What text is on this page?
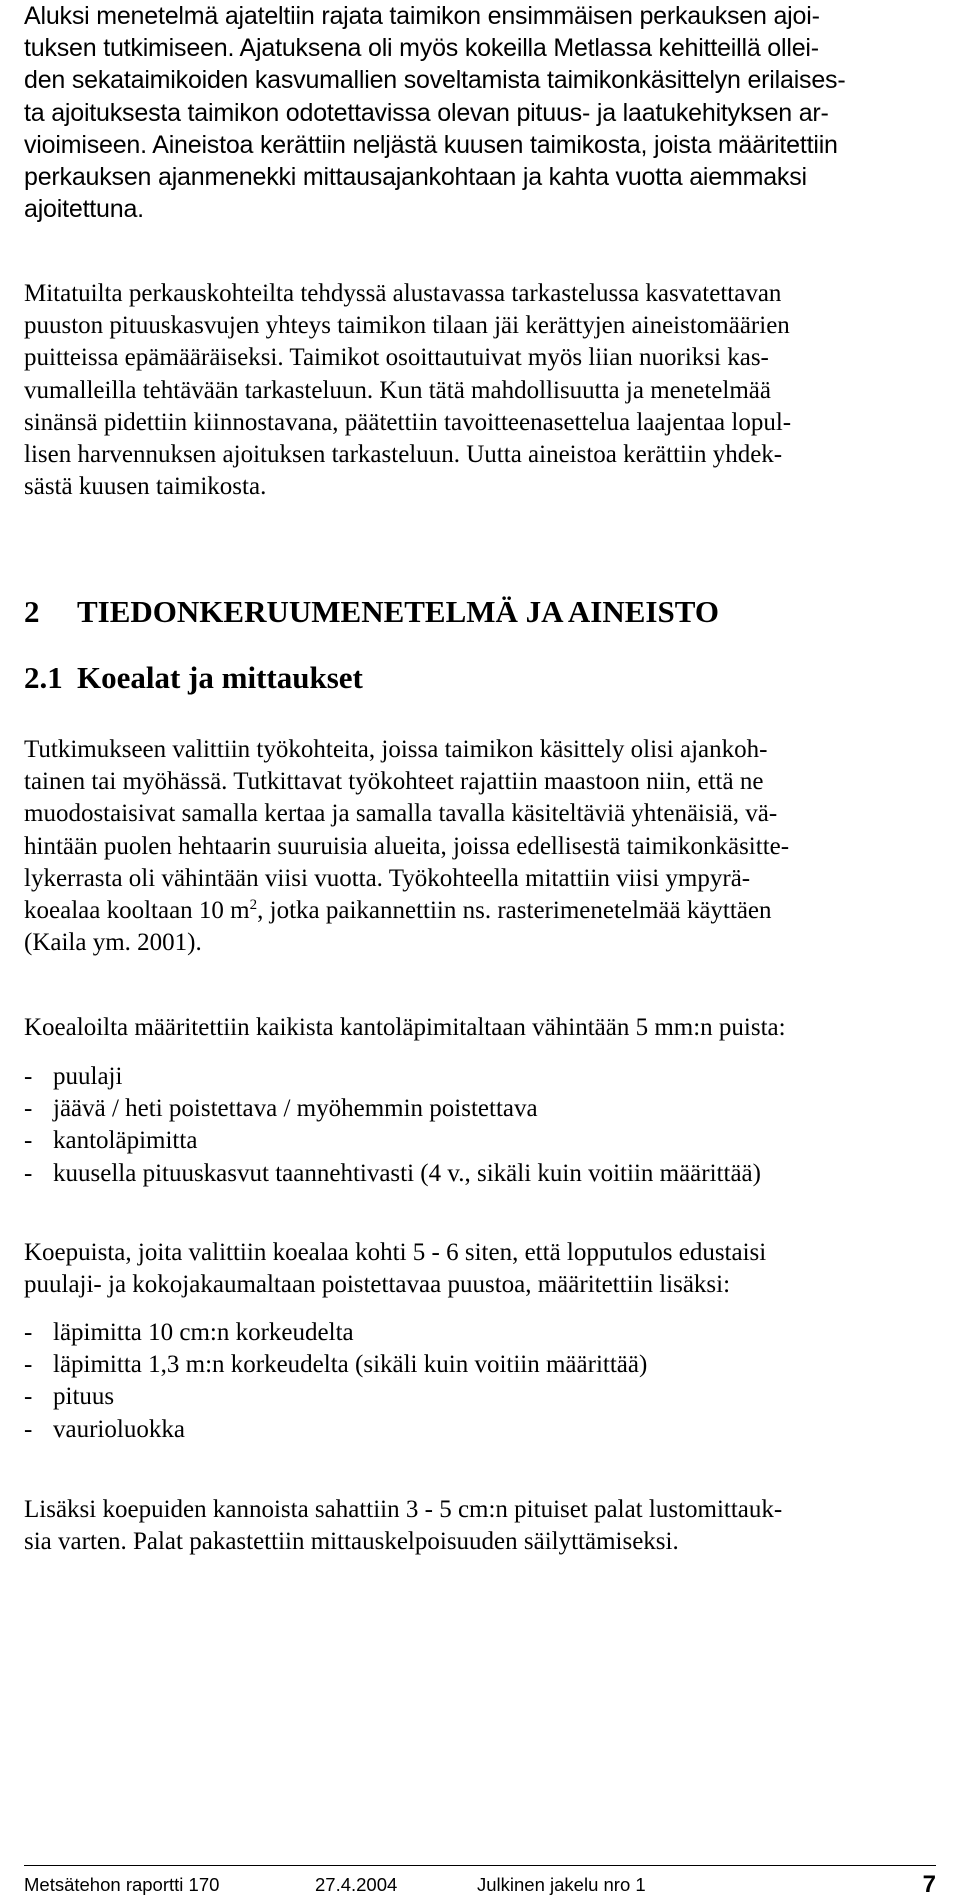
Aluksi menetelmä ajateltiin rajata taimikon ensimmäisen perkauksen ajoi-
tuksen tutkimiseen. Ajatuksena oli myös kokeilla Metlassa kehitteillä ollei-
den sekataimikoiden kasvumallien soveltamista taimikonkäsittelyn erilaises-
ta ajoituksesta taimikon odotettavissa olevan pituus- ja laatukehityksen ar-
vioimiseen. Aineistoa kerättiin neljästä kuusen taimikosta, joista määritettiin
perkauksen ajanmenekki mittausajankohtaan ja kahta vuotta aiemmaksi
ajoitettuna.

Mitatuilta perkauskohteilta tehdyssä alustavassa tarkastelussa kasvatettavan
puuston pituuskasvujen yhteys taimikon tilaan jäi kerättyjen aineistomäärien
puitteissa epämääräiseksi. Taimikot osoittautuivat myös liian nuoriksi kas-
vumalleilla tehtävään tarkasteluun. Kun tätä mahdollisuutta ja menetelmää
sinänsä pidettiin kiinnostavana, päätettiin tavoitteenasettelua laajentaa lopul-
lisen harvennuksen ajoituksen tarkasteluun. Uutta aineistoa kerättiin yhdek-
sästä kuusen taimikosta.

2 TIEDONKERUUMENETELMÄ JA AINEISTO
2.1 Koealat ja mittaukset

Tutkimukseen valittiin työkohteita, joissa taimikon käsittely olisi ajankoh-
tainen tai myöhässä. Tutkittavat työkohteet rajattiin maastoon niin, että ne
muodostaisivat samalla kertaa ja samalla tavalla käsiteltäviä yhtenäisiä, vä-
hintään puolen hehtaarin suuruisia alueita, joissa edellisestä taimikonkäsitte-
lykerrasta oli vähintään viisi vuotta. Työkohteella mitattiin viisi ympyrä-
koealaa kooltaan 10 $m^2$, jotka paikannettiin ns. rasterimenetelmää käyttäen
(Kaila ym. 2001).

Koealoilta määritettiin kaikista kantoläpimitaltaan vähintään 5 mm:n puista:

- puulaji
- jäävä / heti poistettava / myöhemmin poistettava
- kantoläpimitta
- kuusella pituuskasvut taannehtivasti (4 v., sikäli kuin voitiin määrittää)

Koepuista, joita valittiin koealaa kohti 5 - 6 siten, että lopputulos edustaisi
puulaji- ja kokojakaumaltaan poistettavaa puustoa, määritettiin lisäksi:

- läpimitta 10 cm:n korkeudelta
- läpimitta 1,3 m:n korkeudelta (sikäli kuin voitiin määrittää)
- pituus
- vaurioluokka

Lisäksi koepuiden kannoista sahattiin 3 - 5 cm:n pituiset palat lustomittauk-
sia varten. Palat pakastettiin mittauskelpoisuuden säilyttämiseksi.

Metsätehon raportti 170	27.4.2004	Julkinen jakelu nro 1	7
